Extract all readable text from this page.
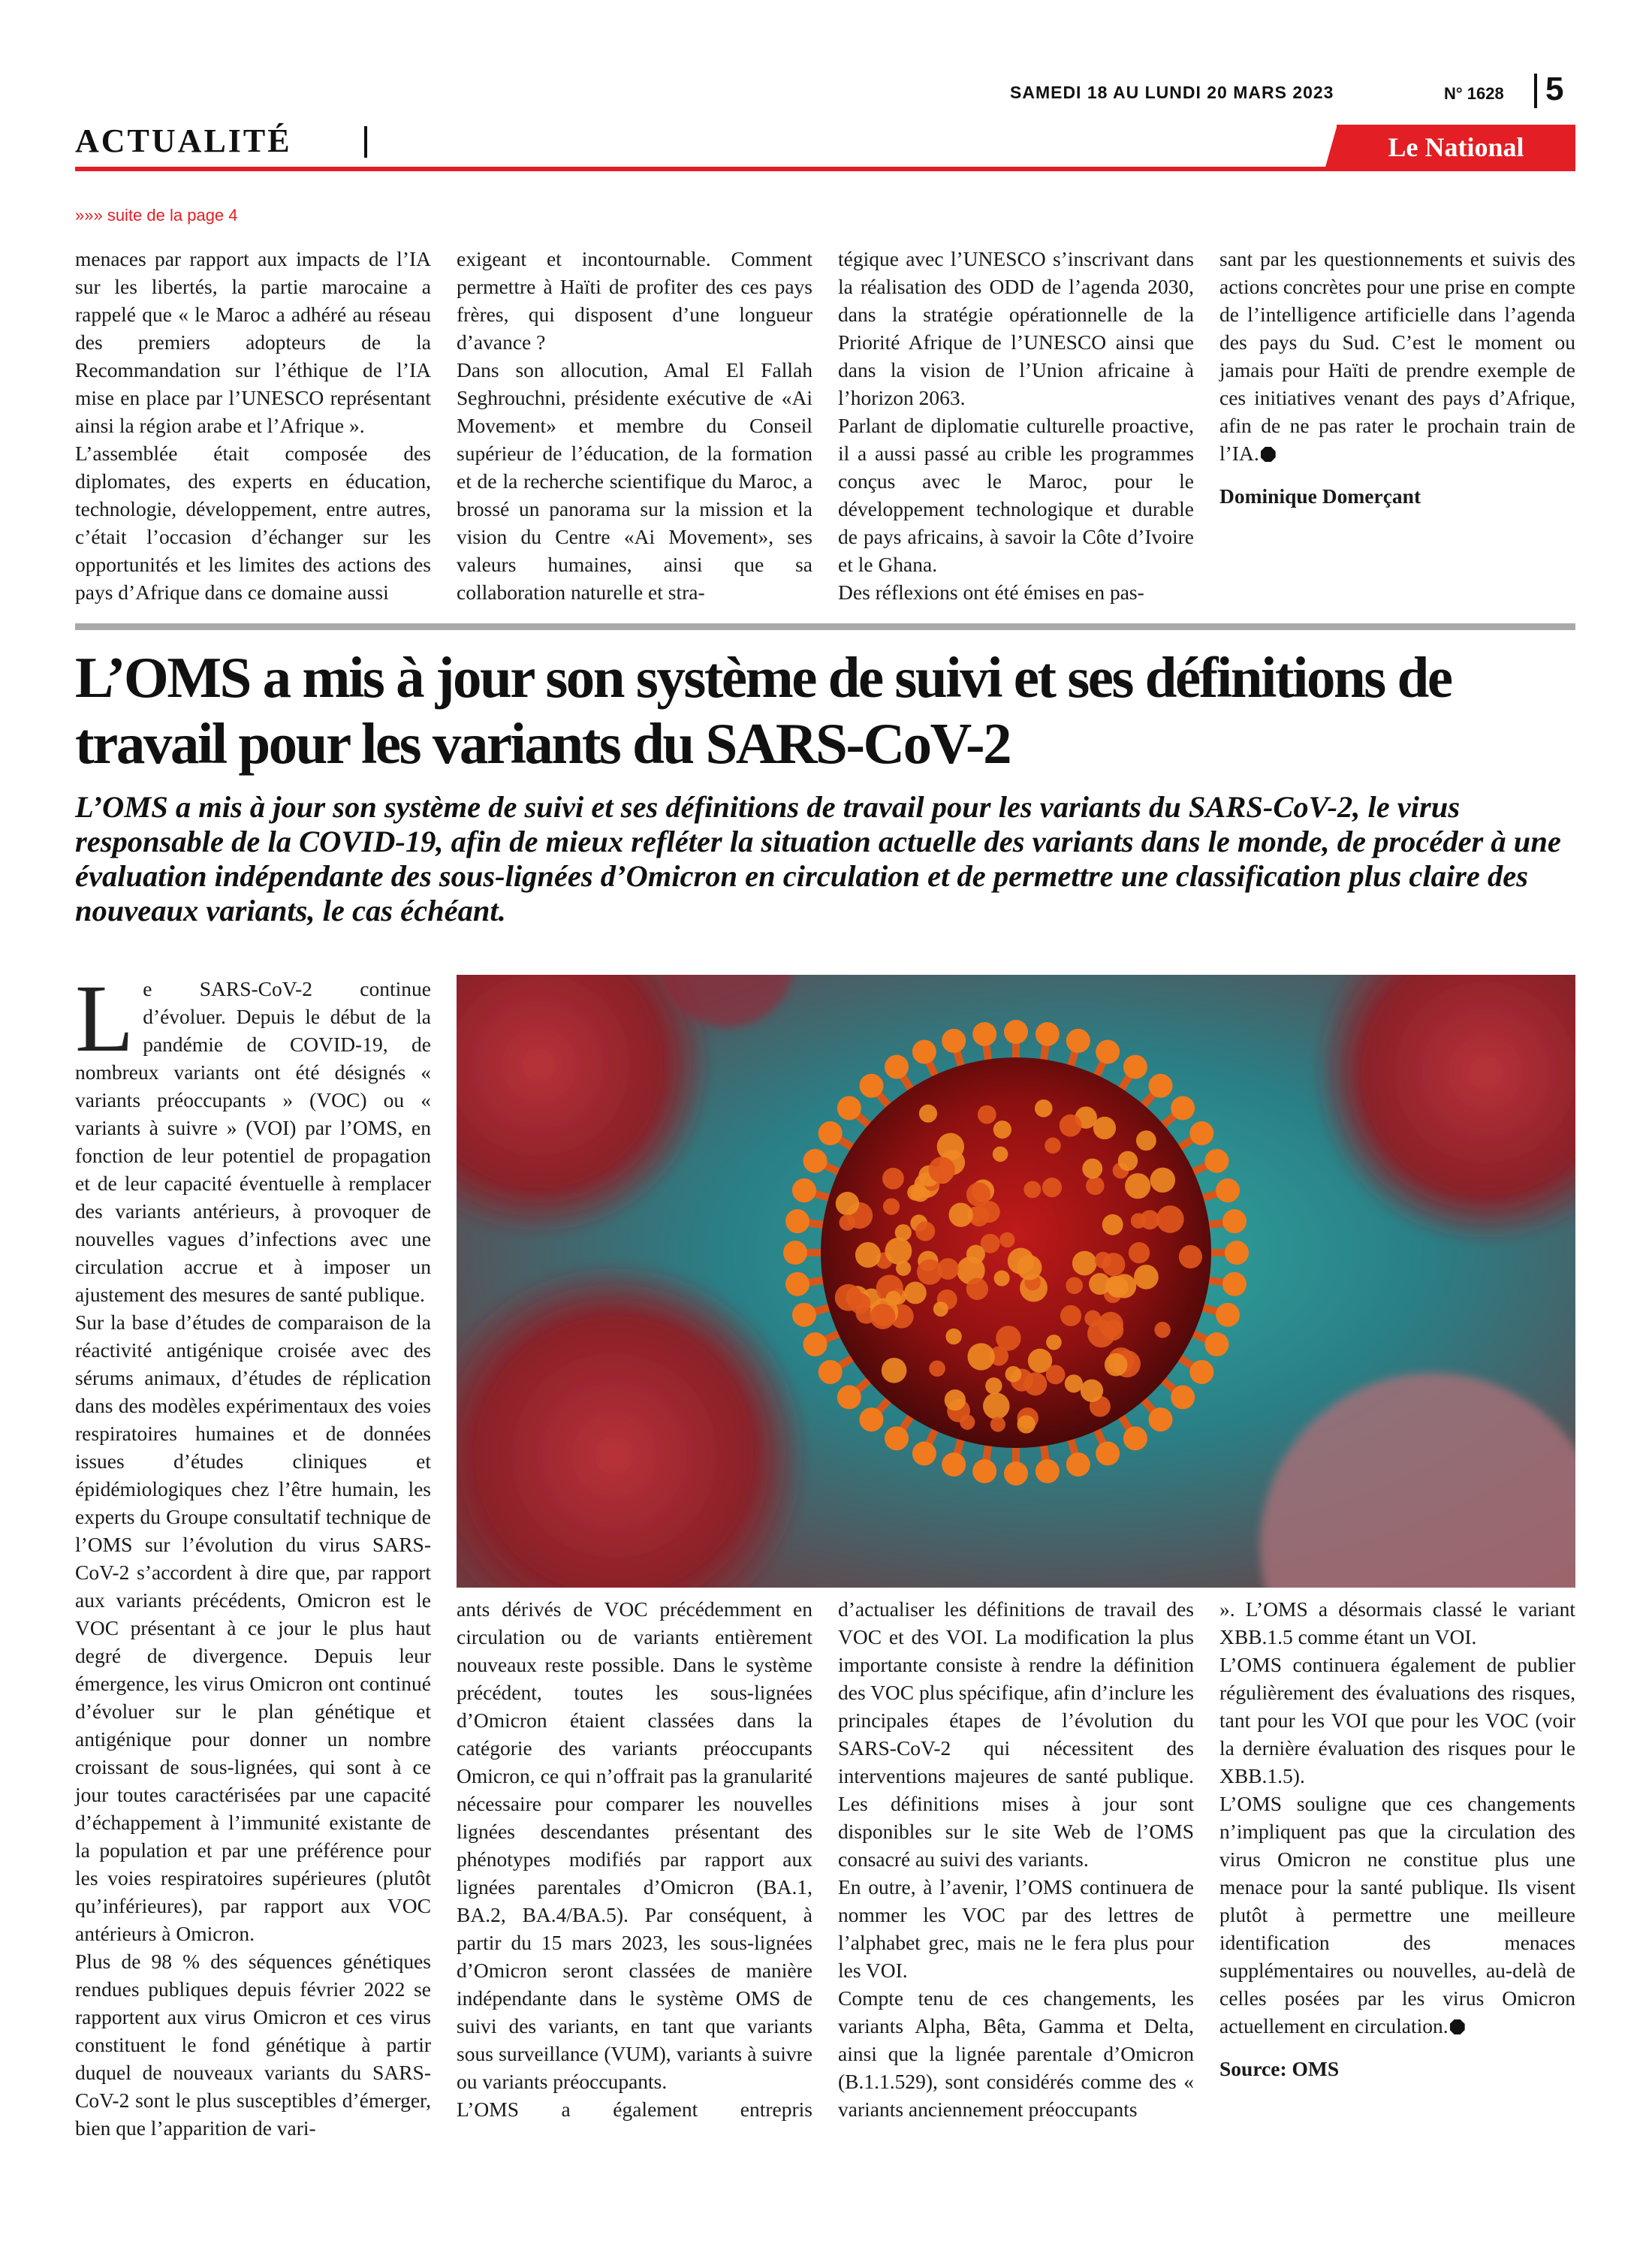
SAMEDI 18 AU LUNDI 20 MARS 2023	N° 1628 5
ACTUALITÉ	Le National
»»» suite de la page 4

menaces par rapport aux impacts de l’IA sur les libertés, la partie marocaine a rappelé que « le Maroc a adhéré au réseau des premiers adopteurs de la Recommandation sur l’éthique de l’IA mise en place par l’UNESCO représentant ainsi la région arabe et l’Afrique ».

L’assemblée était composée des diplomates, des experts en éducation, technologie, développement, entre autres, c’était l’occasion d’échanger sur les opportunités et les limites des actions des pays d’Afrique dans ce domaine aussi

exigeant et incontournable. Comment permettre à Haïti de profiter des ces pays frères, qui disposent d’une longueur d’avance ?

Dans son allocution, Amal El Fallah Seghrouchni, présidente exécutive de «Ai Movement» et membre du Conseil supérieur de l’éducation, de la formation et de la recherche scientifique du Maroc, a brossé un panorama sur la mission et la vision du Centre «Ai Movement», ses valeurs humaines, ainsi que sa collaboration naturelle et stra-

tégique avec l’UNESCO s’inscrivant dans la réalisation des ODD de l’agenda 2030, dans la stratégie opérationnelle de la Priorité Afrique de l’UNESCO ainsi que dans la vision de l’Union africaine à l’horizon 2063.

Parlant de diplomatie culturelle proactive, il a aussi passé au crible les programmes conçus avec le Maroc, pour le développement technologique et durable de pays africains, à savoir la Côte d’Ivoire et le Ghana.

Des réflexions ont été émises en pas-

sant par les questionnements et suivis des actions concrètes pour une prise en compte de l’intelligence artificielle dans l’agenda des pays du Sud. C’est le moment ou jamais pour Haïti de prendre exemple de ces initiatives venant des pays d’Afrique, afin de ne pas rater le prochain train de l’IA.

Dominique Domerçant

L’OMS a mis à jour son système de suivi et ses définitions de travail pour les variants du SARS-CoV-2

L’OMS a mis à jour son système de suivi et ses définitions de travail pour les variants du SARS-CoV-2, le virus responsable de la COVID-19, afin de mieux refléter la situation actuelle des variants dans le monde, de procéder à une évaluation indépendante des sous-lignées d’Omicron en circulation et de permettre une classification plus claire des nouveaux variants, le cas échéant.

Le SARS-CoV-2 continue d’évoluer. Depuis le début de la pandémie de COVID-19, de nombreux variants ont été désignés « variants préoccupants » (VOC) ou « variants à suivre » (VOI) par l’OMS, en fonction de leur potentiel de propagation et de leur capacité éventuelle à remplacer des variants antérieurs, à provoquer de nouvelles vagues d’infections avec une circulation accrue et à imposer un ajustement des mesures de santé publique.

Sur la base d’études de comparaison de la réactivité antigénique croisée avec des sérums animaux, d’études de réplication dans des modèles expérimentaux des voies respiratoires humaines et de données issues d’études cliniques et épidémiologiques chez l’être humain, les experts du Groupe consultatif technique de l’OMS sur l’évolution du virus SARS-CoV-2 s’accordent à dire que, par rapport aux variants précédents, Omicron est le VOC présentant à ce jour le plus haut degré de divergence. Depuis leur émergence, les virus Omicron ont continué d’évoluer sur le plan génétique et antigénique pour donner un nombre croissant de sous-lignées, qui sont à ce jour toutes caractérisées par une capacité d’échappement à l’immunité existante de la population et par une préférence pour les voies respiratoires supérieures (plutôt qu’inférieures), par rapport aux VOC antérieurs à Omicron.

Plus de 98 % des séquences génétiques rendues publiques depuis février 2022 se rapportent aux virus Omicron et ces virus constituent le fond génétique à partir duquel de nouveaux variants du SARS-CoV-2 sont le plus susceptibles d’émerger, bien que l’apparition de vari-

ants dérivés de VOC précédemment en circulation ou de variants entièrement nouveaux reste possible. Dans le système précédent, toutes les sous-lignées d’Omicron étaient classées dans la catégorie des variants préoccupants Omicron, ce qui n’offrait pas la granularité nécessaire pour comparer les nouvelles lignées descendantes présentant des phénotypes modifiés par rapport aux lignées parentales d’Omicron (BA.1, BA.2, BA.4/BA.5). Par conséquent, à partir du 15 mars 2023, les sous-lignées d’Omicron seront classées de manière indépendante dans le système OMS de suivi des variants, en tant que variants sous surveillance (VUM), variants à suivre ou variants préoccupants.

L’OMS a également entrepris

d’actualiser les définitions de travail des VOC et des VOI. La modification la plus importante consiste à rendre la définition des VOC plus spécifique, afin d’inclure les principales étapes de l’évolution du SARS-CoV-2 qui nécessitent des interventions majeures de santé publique. Les définitions mises à jour sont disponibles sur le site Web de l’OMS consacré au suivi des variants.

En outre, à l’avenir, l’OMS continuera de nommer les VOC par des lettres de l’alphabet grec, mais ne le fera plus pour les VOI.

Compte tenu de ces changements, les variants Alpha, Bêta, Gamma et Delta, ainsi que la lignée parentale d’Omicron (B.1.1.529), sont considérés comme des « variants anciennement préoccupants

». L’OMS a désormais classé le variant XBB.1.5 comme étant un VOI.

L’OMS continuera également de publier régulièrement des évaluations des risques, tant pour les VOI que pour les VOC (voir la dernière évaluation des risques pour le XBB.1.5).

L’OMS souligne que ces changements n’impliquent pas que la circulation des virus Omicron ne constitue plus une menace pour la santé publique. Ils visent plutôt à permettre une meilleure identification des menaces supplémentaires ou nouvelles, au-delà de celles posées par les virus Omicron actuellement en circulation.

Source: OMS
